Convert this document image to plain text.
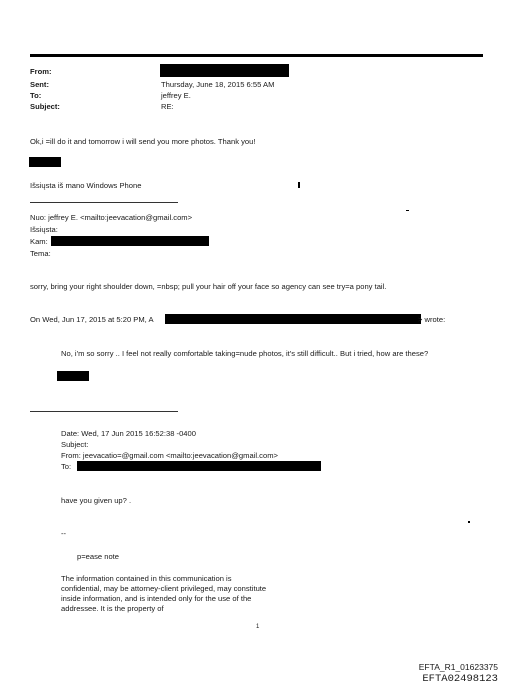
From:
Sent:	Thursday, June 18, 2015 6:55 AM
To:	jeffrey E.
Subject:	RE:
Ok,i =ill do it and tomorrow i will send you more photos. Thank you!
Išsiųsta iš mano Windows Phone
Nuo: jeffrey E. <mailto:jeevacation@gmail.com>
Išsiųsta:
Kam:
Tema:
sorry, bring your right shoulder down, =nbsp; pull your hair off your face so agency can see try=a pony tail.
On Wed, Jun 17, 2015 at 5:20 PM, A	> wrote:
No, i'm so sorry .. I feel not really comfortable taking=nude photos, it's still difficult.. But i tried, how are these?
Date: Wed, 17 Jun 2015 16:52:38 -0400
Subject:
From: jeevacatio=@gmail.com <mailto:jeevacation@gmail.com>
To:
have you given up? .
--
p=ease note
The information contained in this communication is confidential, may be attorney-client privileged, may constitute inside information, and is intended only for the use of the addressee. It is the property of
1
EFTA_R1_01623375
EFTA02498123
